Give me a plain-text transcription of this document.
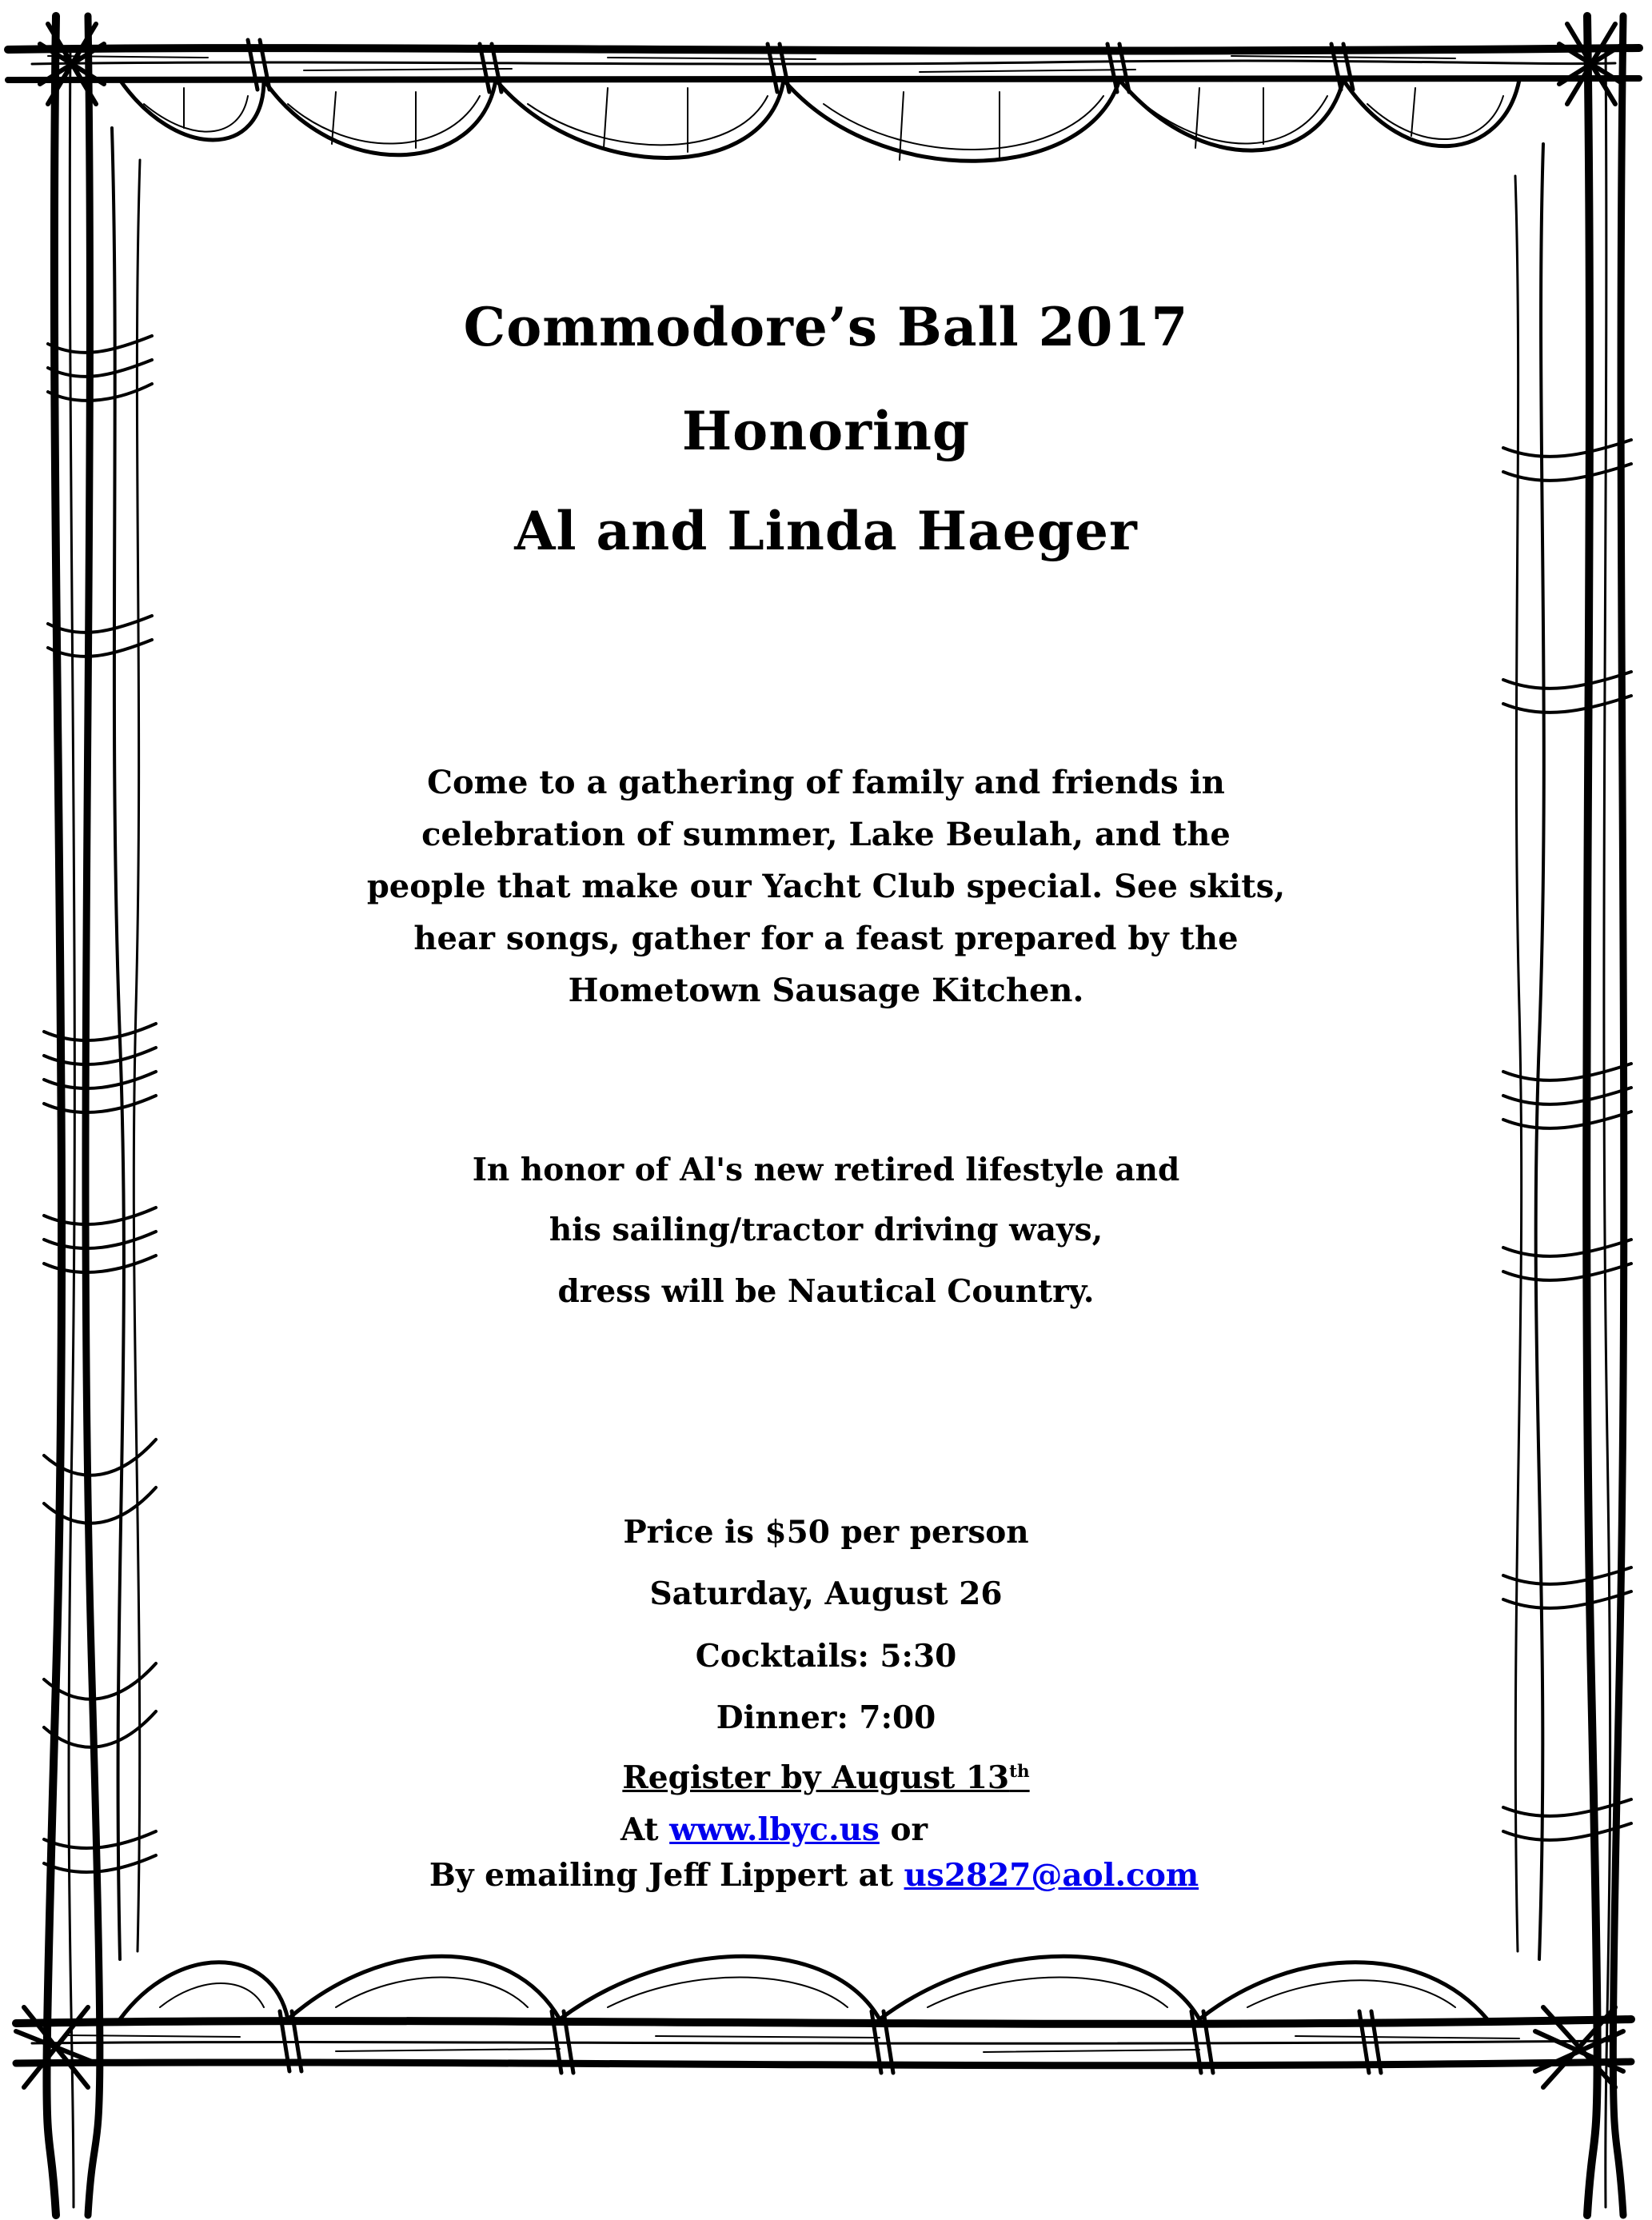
Commodore’s Ball 2017
Honoring
Al and Linda Haeger
Come to a gathering of family and friends in
celebration of summer, Lake Beulah, and the
people that make our Yacht Club special. See skits,
hear songs, gather for a feast prepared by the
Hometown Sausage Kitchen.
In honor of Al's new retired lifestyle and
his sailing/tractor driving ways,
dress will be Nautical Country.
Price is $50 per person
Saturday, August 26
Cocktails: 5:30
Dinner: 7:00
Register by August 13th
At www.lbyc.us or
By emailing Jeff Lippert at us2827@aol.com
